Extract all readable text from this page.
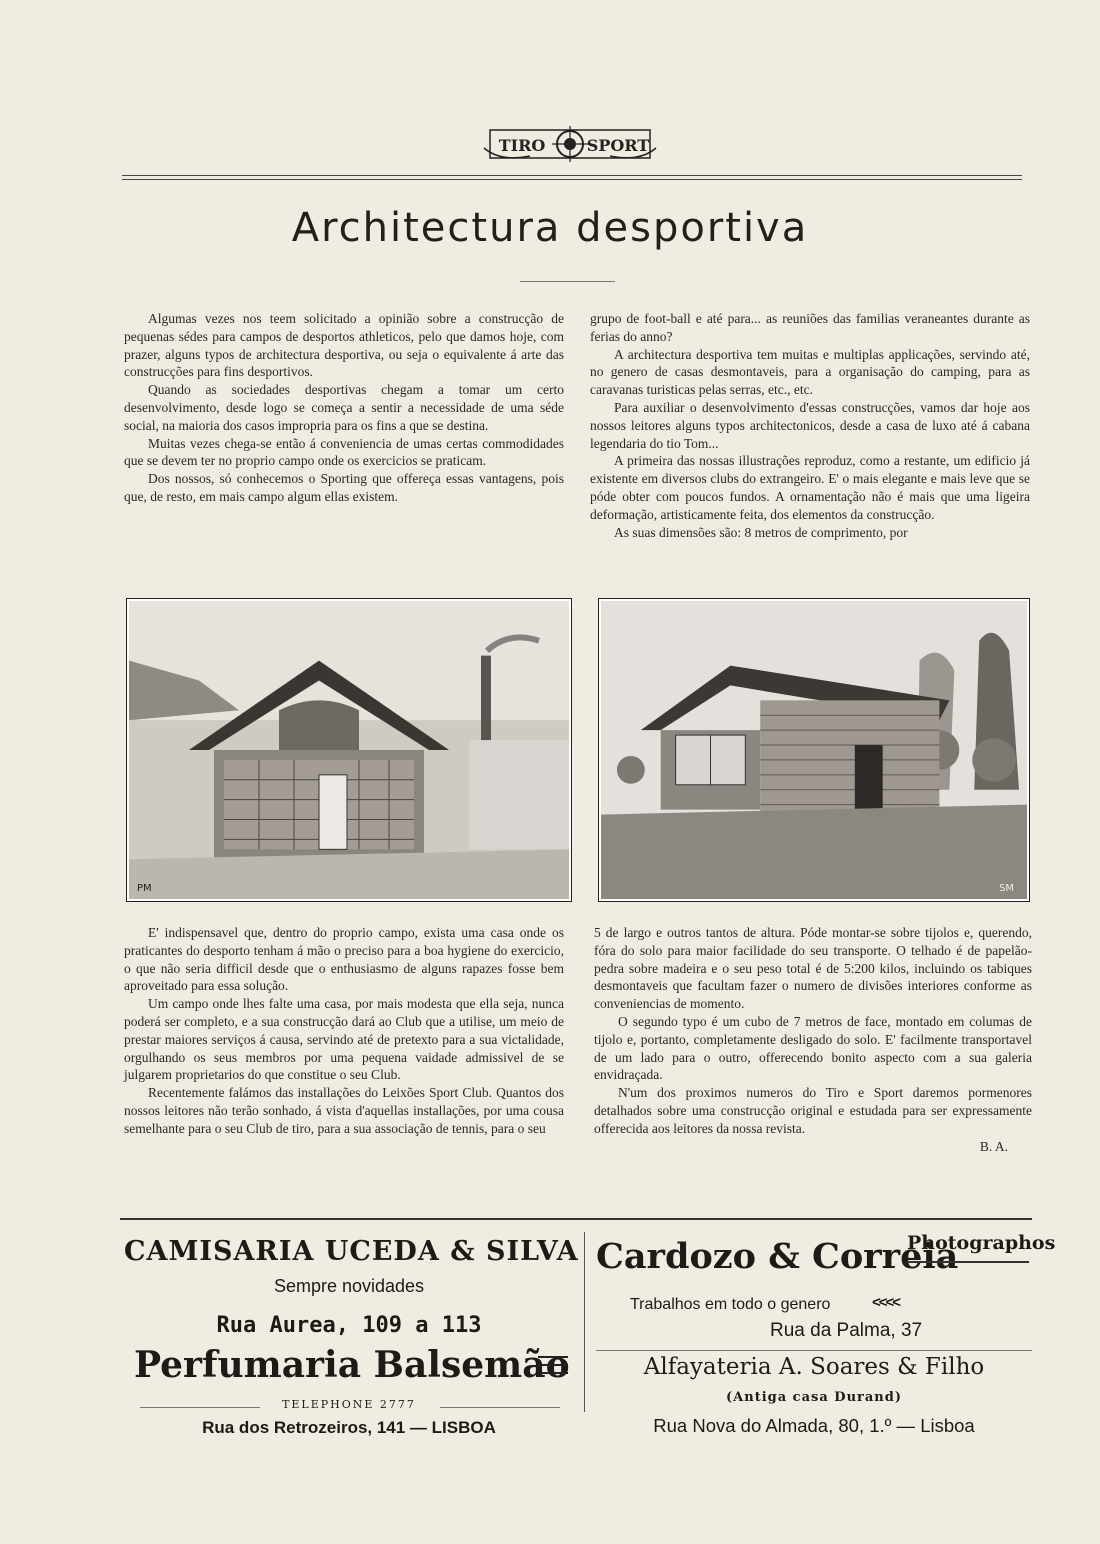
TIRO	SPORT
Architectura desportiva

Algumas vezes nos teem solicitado a opinião sobre a construcção de pequenas sédes para campos de desportos athleticos, pelo que damos hoje, com prazer, alguns typos de architectura desportiva, ou seja o equivalente á arte das construcções para fins desportivos.

Quando as sociedades desportivas chegam a tomar um certo desenvolvimento, desde logo se começa a sentir a necessidade de uma séde social, na maioria dos casos impropria para os fins a que se destina.

Muitas vezes chega-se então á conveniencia de umas certas commodidades que se devem ter no proprio campo onde os exercicios se praticam.

Dos nossos, só conhecemos o Sporting que offereça essas vantagens, pois que, de resto, em mais campo algum ellas existem.

grupo de foot-ball e até para... as reuniões das familias veraneantes durante as ferias do anno?

A architectura desportiva tem muitas e multiplas applicações, servindo até, no genero de casas desmontaveis, para a organisação do camping, para as caravanas turisticas pelas serras, etc., etc.

Para auxiliar o desenvolvimento d'essas construcções, vamos dar hoje aos nossos leitores alguns typos architectonicos, desde a casa de luxo até á cabana legendaria do tio Tom...

A primeira das nossas illustrações reproduz, como a restante, um edificio já existente em diversos clubs do extrangeiro. E' o mais elegante e mais leve que se póde obter com poucos fundos. A ornamentação não é mais que uma ligeira deformação, artisticamente feita, dos elementos da construcção.

As suas dimensões são: 8 metros de comprimento, por

PM	SM

E' indispensavel que, dentro do proprio campo, exista uma casa onde os praticantes do desporto tenham á mão o preciso para a boa hygiene do exercicio, o que não seria difficil desde que o enthusiasmo de alguns rapazes fosse bem aproveitado para essa solução.

Um campo onde lhes falte uma casa, por mais modesta que ella seja, nunca poderá ser completo, e a sua construcção dará ao Club que a utilise, um meio de prestar maiores serviços á causa, servindo até de pretexto para a sua victalidade, orgulhando os seus membros por uma pequena vaidade admissivel de se julgarem proprietarios do que constitue o seu Club.

Recentemente falámos das installações do Leixões Sport Club. Quantos dos nossos leitores não terão sonhado, á vista d'aquellas installações, por uma cousa semelhante para o seu Club de tiro, para a sua associação de tennis, para o seu

5 de largo e outros tantos de altura. Póde montar-se sobre tijolos e, querendo, fóra do solo para maior facilidade do seu transporte. O telhado é de papelão-pedra sobre madeira e o seu peso total é de 5:200 kilos, incluindo os tabiques desmontaveis que facultam fazer o numero de divisões interiores conforme as conveniencias de momento.

O segundo typo é um cubo de 7 metros de face, montado em columas de tijolo e, portanto, completamente desligado do solo. E' facilmente transportavel de um lado para o outro, offerecendo bonito aspecto com a sua galeria envidraçada.

N'um dos proximos numeros do Tiro e Sport daremos pormenores detalhados sobre uma construcção original e estudada para ser expressamente offerecida aos leitores da nossa revista.

B. A.

CAMISARIA UCEDA & SILVA
Sempre novidades
Rua Aurea, 109 a 113
Perfumaria Balsemão
TELEPHONE 2777
Rua dos Retrozeiros, 141 — LISBOA
Cardozo & Correia
Photographos
Trabalhos em todo o genero	<<<<
Rua da Palma, 37
Alfayateria A. Soares & Filho
(Antiga casa Durand)
Rua Nova do Almada, 80, 1.º — Lisboa
